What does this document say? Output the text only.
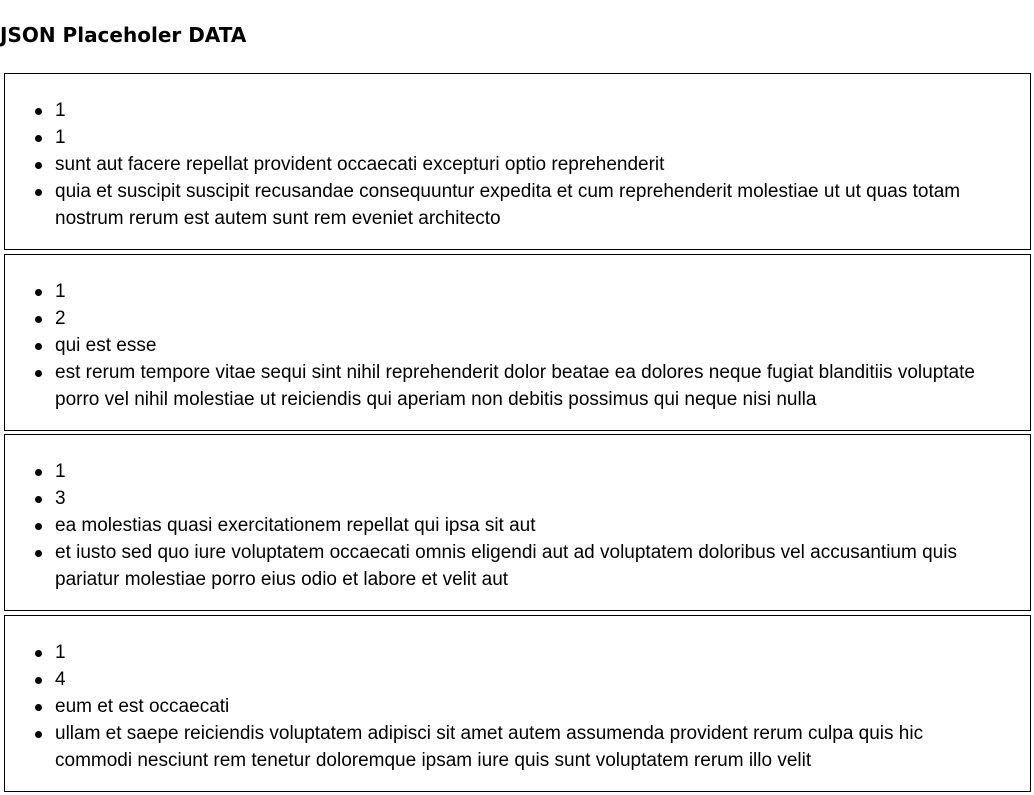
JSON Placeholer DATA
1
1
sunt aut facere repellat provident occaecati excepturi optio reprehenderit
quia et suscipit suscipit recusandae consequuntur expedita et cum reprehenderit molestiae ut ut quas totam
nostrum rerum est autem sunt rem eveniet architecto
1
2
qui est esse
est rerum tempore vitae sequi sint nihil reprehenderit dolor beatae ea dolores neque fugiat blanditiis voluptate
porro vel nihil molestiae ut reiciendis qui aperiam non debitis possimus qui neque nisi nulla
1
3
ea molestias quasi exercitationem repellat qui ipsa sit aut
et iusto sed quo iure voluptatem occaecati omnis eligendi aut ad voluptatem doloribus vel accusantium quis
pariatur molestiae porro eius odio et labore et velit aut
1
4
eum et est occaecati
ullam et saepe reiciendis voluptatem adipisci sit amet autem assumenda provident rerum culpa quis hic
commodi nesciunt rem tenetur doloremque ipsam iure quis sunt voluptatem rerum illo velit
